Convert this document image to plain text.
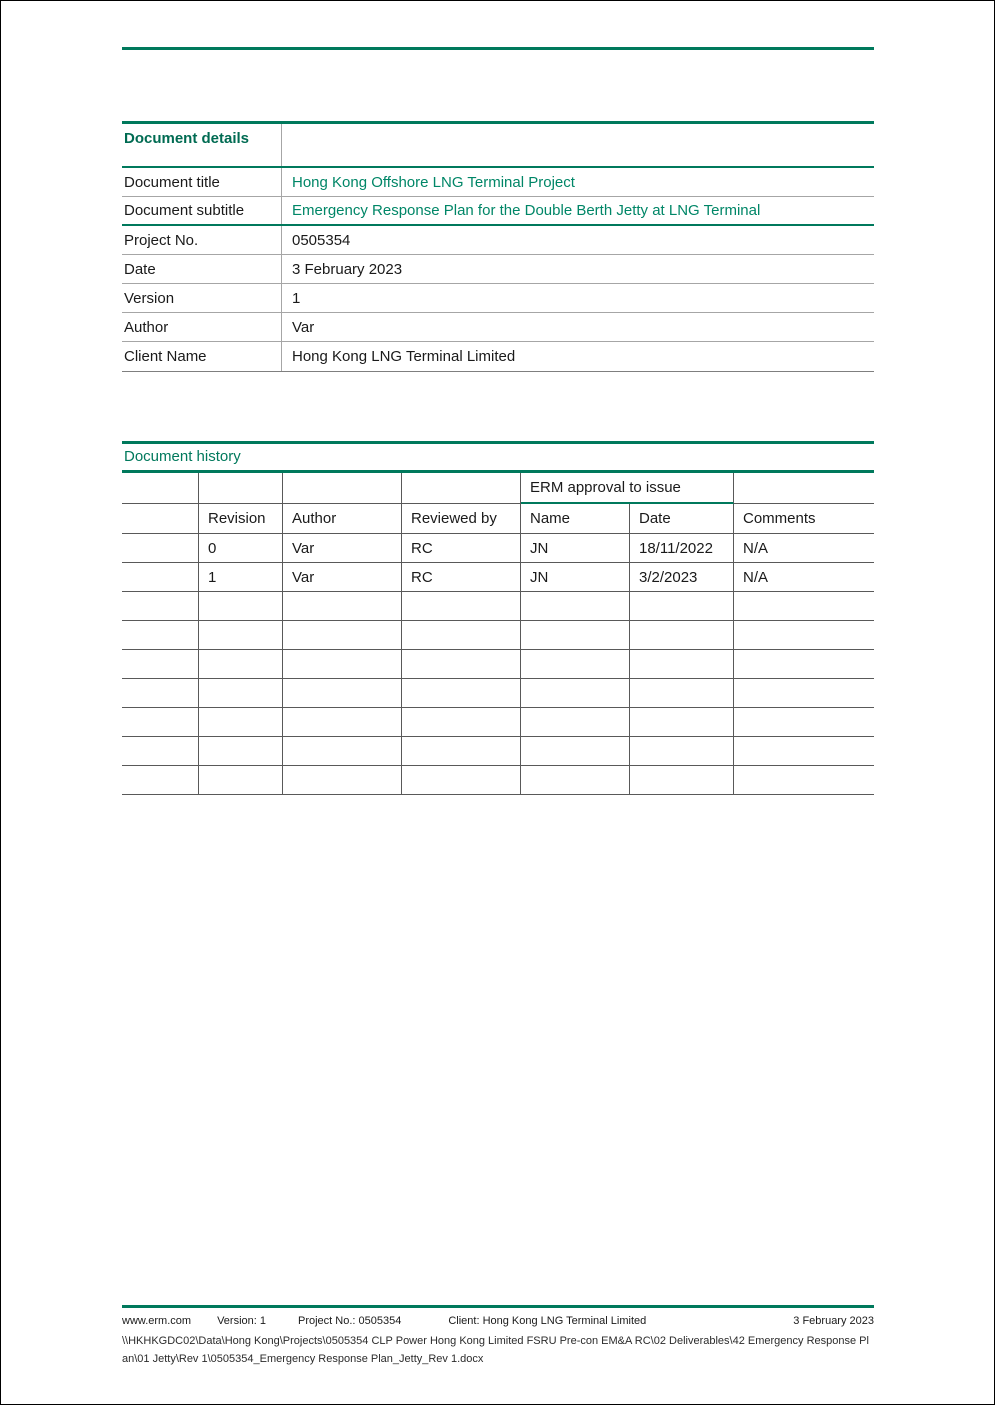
Document details
Document title	Hong Kong Offshore LNG Terminal Project
Document subtitle	Emergency Response Plan for the Double Berth Jetty at LNG Terminal
Project No.	0505354
Date	3 February 2023
Version	1
Author	Var
Client Name	Hong Kong LNG Terminal Limited
Document history
ERM approval to issue
Revision	Author	Reviewed by	Name	Date	Comments
0	Var	RC	JN	18/11/2022	N/A
1	Var	RC	JN	3/2/2023	N/A
www.erm.com Version: 1	Project No.: 0505354	Client: Hong Kong LNG Terminal Limited	3 February 2023
\\HKHKGDC02\Data\Hong Kong\Projects\0505354 CLP Power Hong Kong Limited FSRU Pre-con EM&A RC\02 Deliverables\42 Emergency Response Plan\01 Jetty\Rev 1\0505354_Emergency Response Plan_Jetty_Rev 1.docx
